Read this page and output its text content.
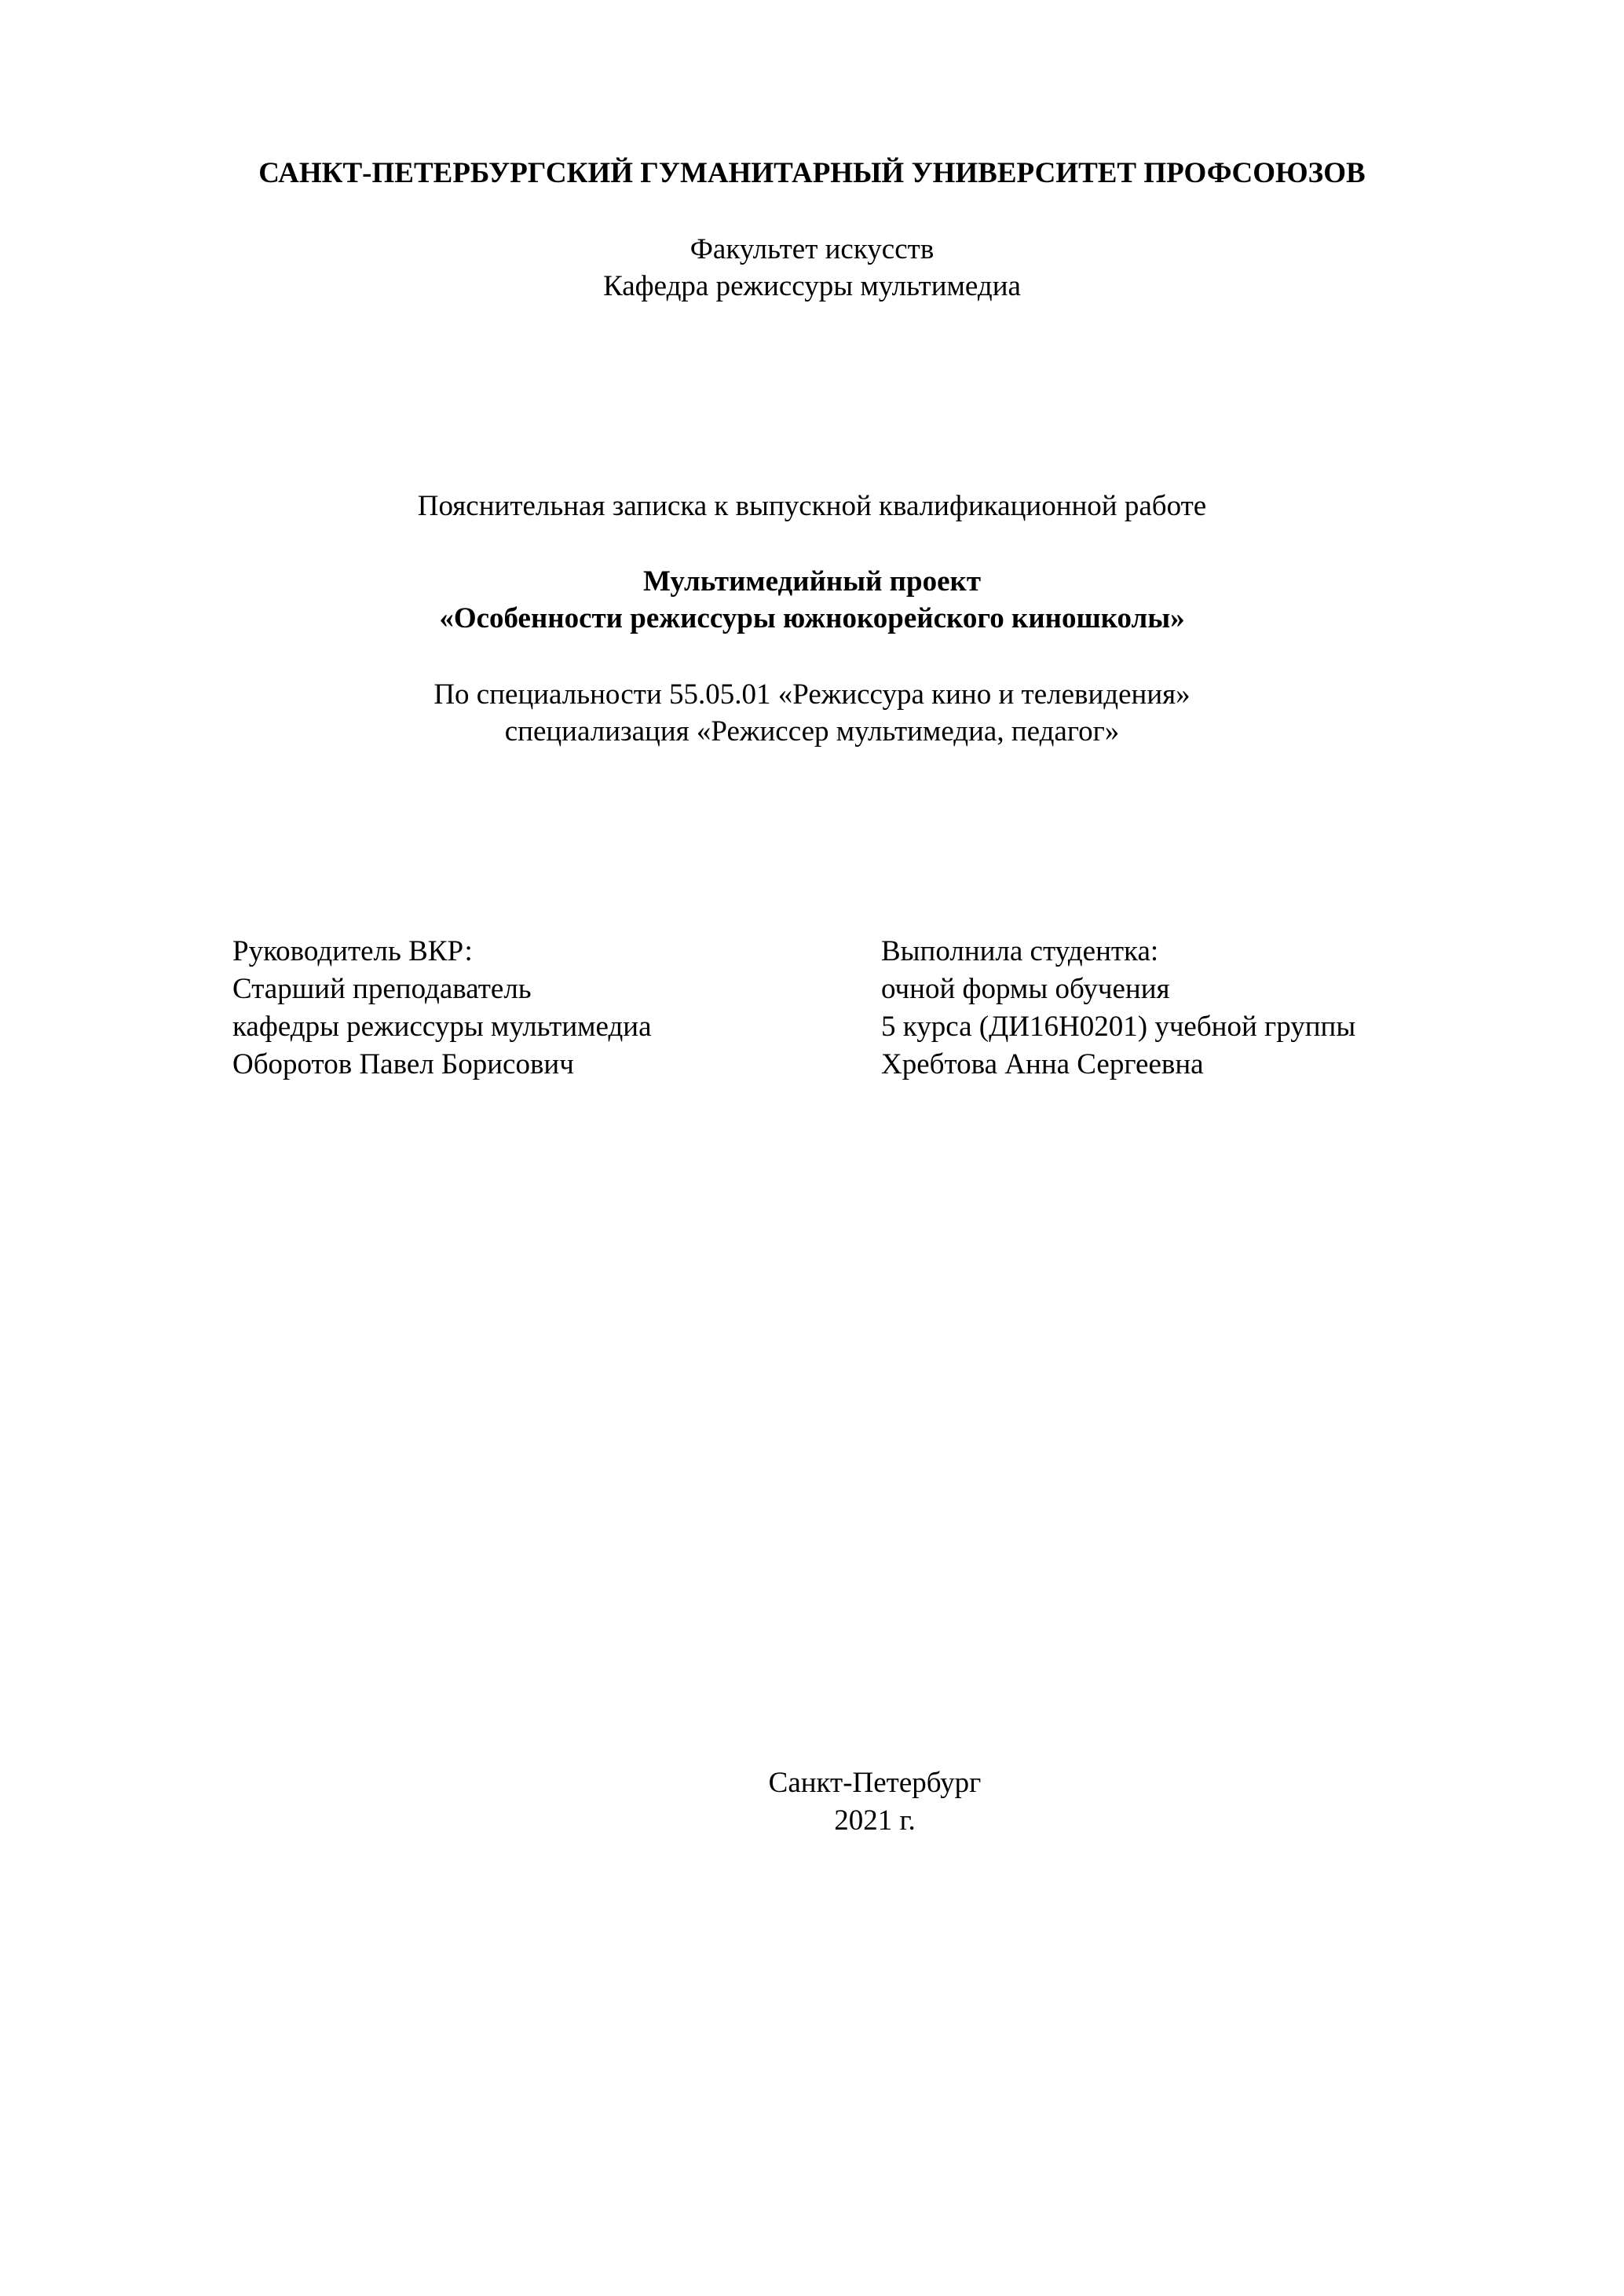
САНКТ-ПЕТЕРБУРГСКИЙ ГУМАНИТАРНЫЙ УНИВЕРСИТЕТ ПРОФСОЮЗОВ
Факультет искусств
Кафедра режиссуры мультимедиа
Пояснительная записка к выпускной квалификационной работе
Мультимедийный проект
«Особенности режиссуры южнокорейского киношколы»
По специальности 55.05.01 «Режиссура кино и телевидения»
специализация «Режиссер мультимедиа, педагог»
Руководитель ВКР:
Старший преподаватель
кафедры режиссуры мультимедиа
Оборотов Павел Борисович
Выполнила студентка:
очной формы обучения
5 курса (ДИ16Н0201) учебной группы
Хребтова Анна Сергеевна
Санкт-Петербург
2021 г.
